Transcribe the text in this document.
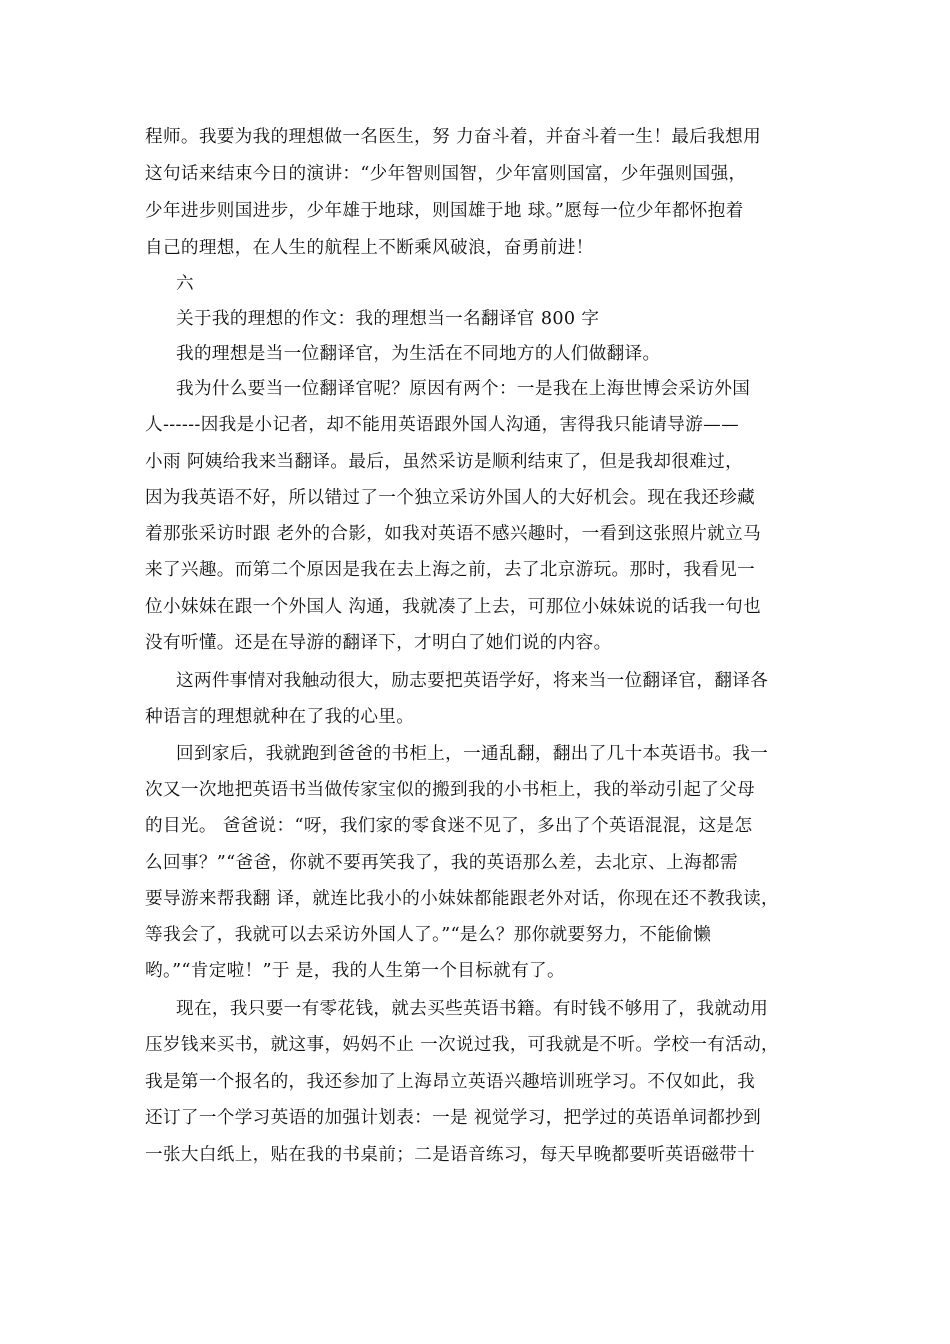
程师。我要为我的理想做一名医生，努 力奋斗着，并奋斗着一生！最后我想用
这句话来结束今日的演讲：“少年智则国智，少年富则国富，少年强则国强，
少年进步则国进步，少年雄于地球，则国雄于地 球。”愿每一位少年都怀抱着
自己的理想，在人生的航程上不断乘风破浪，奋勇前进！
六
关于我的理想的作文：我的理想当一名翻译官 800 字
我的理想是当一位翻译官，为生活在不同地方的人们做翻译。
我为什么要当一位翻译官呢？原因有两个：一是我在上海世博会采访外国
人------因我是小记者，却不能用英语跟外国人沟通，害得我只能请导游——
小雨 阿姨给我来当翻译。最后，虽然采访是顺利结束了，但是我却很难过，
因为我英语不好，所以错过了一个独立采访外国人的大好机会。现在我还珍藏
着那张采访时跟 老外的合影，如我对英语不感兴趣时，一看到这张照片就立马
来了兴趣。而第二个原因是我在去上海之前，去了北京游玩。那时，我看见一
位小妹妹在跟一个外国人 沟通，我就凑了上去，可那位小妹妹说的话我一句也
没有听懂。还是在导游的翻译下，才明白了她们说的内容。
这两件事情对我触动很大，励志要把英语学好，将来当一位翻译官，翻译各
种语言的理想就种在了我的心里。
回到家后，我就跑到爸爸的书柜上，一通乱翻，翻出了几十本英语书。我一
次又一次地把英语书当做传家宝似的搬到我的小书柜上，我的举动引起了父母
的目光。 爸爸说：“呀，我们家的零食迷不见了，多出了个英语混混，这是怎
么回事？”“爸爸，你就不要再笑我了，我的英语那么差，去北京、上海都需
要导游来帮我翻 译，就连比我小的小妹妹都能跟老外对话，你现在还不教我读，
等我会了，我就可以去采访外国人了。”“是么？那你就要努力，不能偷懒
哟。”“肯定啦！”于 是，我的人生第一个目标就有了。
现在，我只要一有零花钱，就去买些英语书籍。有时钱不够用了，我就动用
压岁钱来买书，就这事，妈妈不止 一次说过我，可我就是不听。学校一有活动，
我是第一个报名的，我还参加了上海昂立英语兴趣培训班学习。不仅如此，我
还订了一个学习英语的加强计划表：一是 视觉学习，把学过的英语单词都抄到
一张大白纸上，贴在我的书桌前；二是语音练习，每天早晚都要听英语磁带十
